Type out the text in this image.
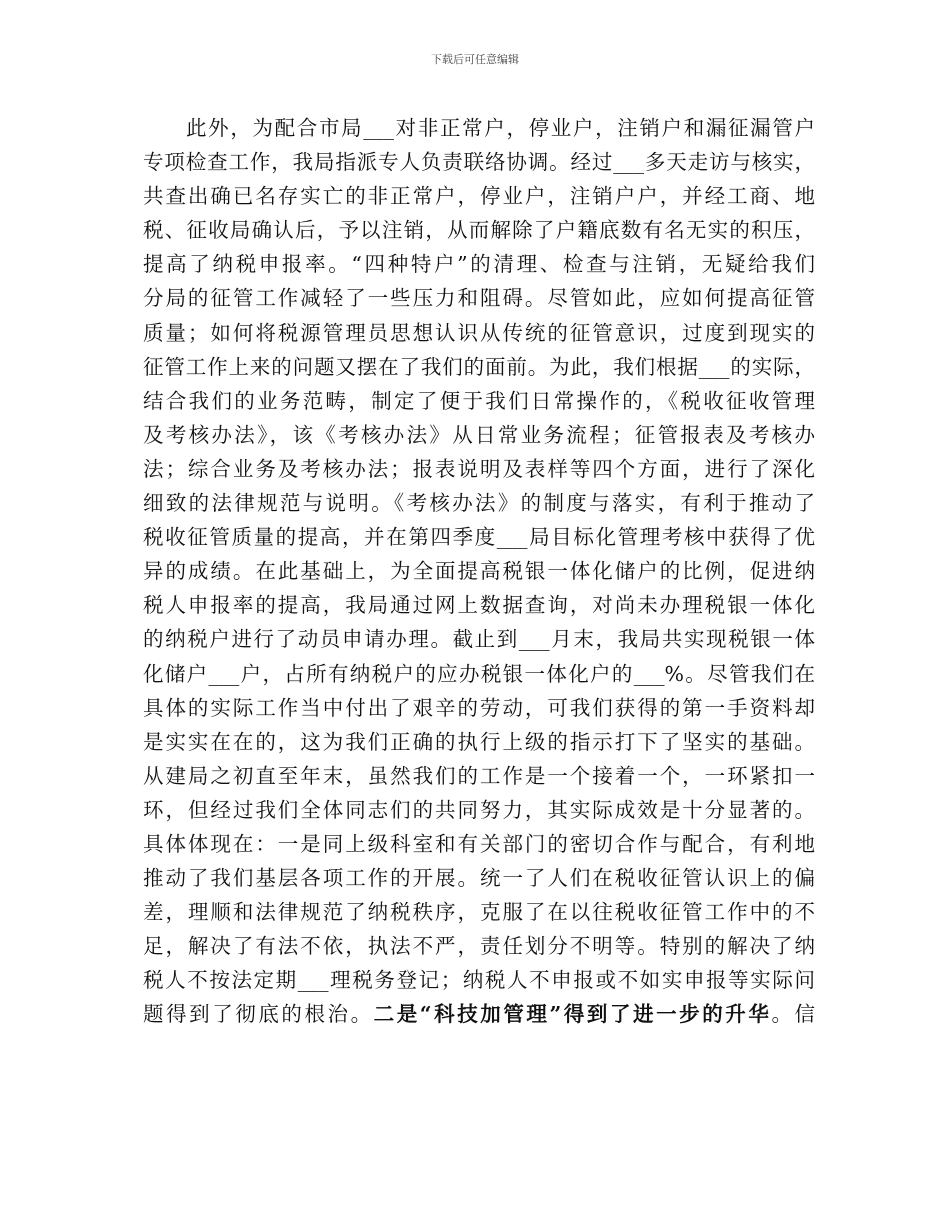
下载后可任意编辑
此外，为配合市局___对非正常户，停业户，注销户和漏征漏管户
专项检查工作，我局指派专人负责联络协调。经过___多天走访与核实，
共查出确已名存实亡的非正常户，停业户，注销户户，并经工商、地
税、征收局确认后，予以注销，从而解除了户籍底数有名无实的积压，
提高了纳税申报率。“四种特户”的清理、检查与注销，无疑给我们
分局的征管工作减轻了一些压力和阻碍。尽管如此，应如何提高征管
质量；如何将税源管理员思想认识从传统的征管意识，过度到现实的
征管工作上来的问题又摆在了我们的面前。为此，我们根据___的实际，
结合我们的业务范畴，制定了便于我们日常操作的，《税收征收管理
及考核办法》，该《考核办法》从日常业务流程；征管报表及考核办
法；综合业务及考核办法；报表说明及表样等四个方面，进行了深化
细致的法律规范与说明。《考核办法》的制度与落实，有利于推动了
税收征管质量的提高，并在第四季度___局目标化管理考核中获得了优
异的成绩。在此基础上，为全面提高税银一体化储户的比例，促进纳
税人申报率的提高，我局通过网上数据查询，对尚未办理税银一体化
的纳税户进行了动员申请办理。截止到___月末，我局共实现税银一体
化储户___户，占所有纳税户的应办税银一体化户的___%。尽管我们在
具体的实际工作当中付出了艰辛的劳动，可我们获得的第一手资料却
是实实在在的，这为我们正确的执行上级的指示打下了坚实的基础。
从建局之初直至年末，虽然我们的工作是一个接着一个，一环紧扣一
环，但经过我们全体同志们的共同努力，其实际成效是十分显著的。
具体体现在：一是同上级科室和有关部门的密切合作与配合，有利地
推动了我们基层各项工作的开展。统一了人们在税收征管认识上的偏
差，理顺和法律规范了纳税秩序，克服了在以往税收征管工作中的不
足，解决了有法不依，执法不严，责任划分不明等。特别的解决了纳
税人不按法定期___理税务登记；纳税人不申报或不如实申报等实际问
题得到了彻底的根治。二是“科技加管理”得到了进一步的升华。信
